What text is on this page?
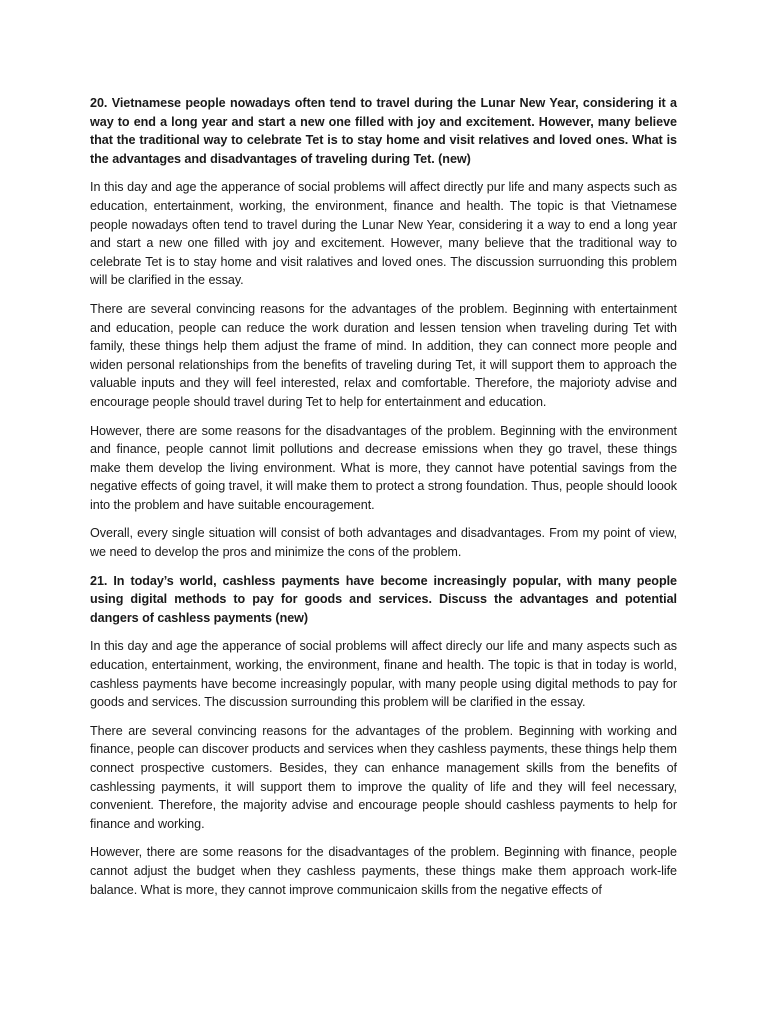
20. Vietnamese people nowadays often tend to travel during the Lunar New Year, considering it a way to end a long year and start a new one filled with joy and excitement. However, many believe that the traditional way to celebrate Tet is to stay home and visit relatives and loved ones. What is the advantages and disadvantages of traveling during Tet. (new)

In this day and age the apperance of social problems will affect directly pur life and many aspects such as education, entertainment, working, the environment, finance and health. The topic is that Vietnamese people nowadays often tend to travel during the Lunar New Year, considering it a way to end a long year and start a new one filled with joy and excitement. However, many believe that the traditional way to celebrate Tet is to stay home and visit ralatives and loved ones. The discussion surruonding this problem will be clarified in the essay.

There are several convincing reasons for the advantages of the problem. Beginning with entertainment and education, people can reduce the work duration and lessen tension when traveling during Tet with family, these things help them adjust the frame of mind. In addition, they can connect more people and widen personal relationships from the benefits of traveling during Tet, it will support them to approach the valuable inputs and they will feel interested, relax and comfortable. Therefore, the majorioty advise and encourage people should travel during Tet to help for entertainment and education.

However, there are some reasons for the disadvantages of the problem. Beginning with the environment and finance, people cannot limit pollutions and decrease emissions when they go travel, these things make them develop the living environment. What is more, they cannot have potential savings from the negative effects of going travel, it will make them to protect a strong foundation. Thus, people should loook into the problem and have suitable encouragement.

Overall, every single situation will consist of both advantages and disadvantages. From my point of view, we need to develop the pros and minimize the cons of the problem.

21. In today’s world, cashless payments have become increasingly popular, with many people using digital methods to pay for goods and services. Discuss the advantages and potential dangers of cashless payments (new)

In this day and age the apperance of social problems will affect direcly our life and many aspects such as education, entertainment, working, the environment, finane and health. The topic is that in today is world, cashless payments have become increasingly popular, with many people using digital methods to pay for goods and services. The discussion surrounding this problem will be clarified in the essay.

There are several convincing reasons for the advantages of the problem. Beginning with working and finance, people can discover products and services when they cashless payments, these things help them connect prospective customers. Besides, they can enhance management skills from the benefits of cashlessing payments, it will support them to improve the quality of life and they will feel necessary, convenient. Therefore, the majority advise and encourage people should cashless payments to help for finance and working.

However, there are some reasons for the disadvantages of the problem. Beginning with finance, people cannot adjust the budget when they cashless payments, these things make them approach work-life balance. What is more, they cannot improve communicaion skills from the negative effects of
